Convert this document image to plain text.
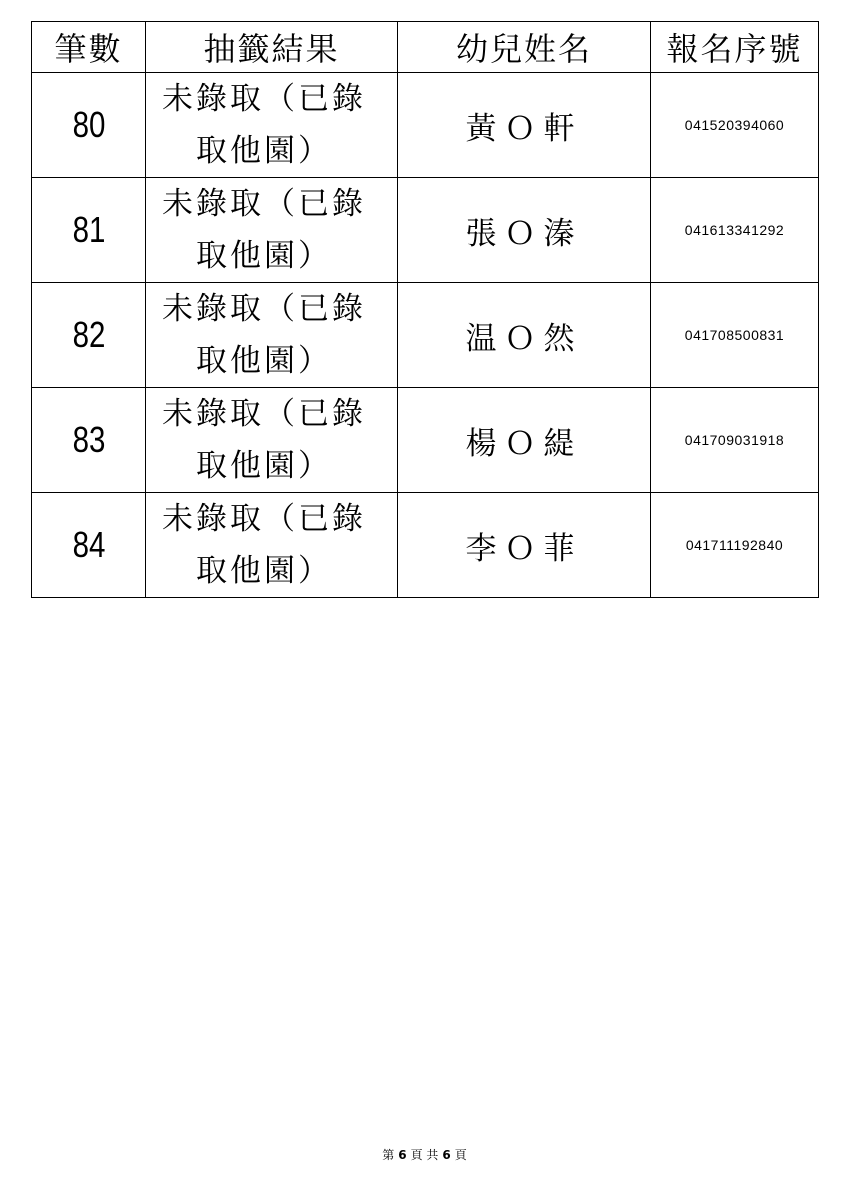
筆數	抽籤結果	幼兒姓名	報名序號
80	未錄取（已錄
取他園）	黃Ｏ軒	041520394060
81	未錄取（已錄
取他園）	張Ｏ溱	041613341292
82	未錄取（已錄
取他園）	温Ｏ然	041708500831
83	未錄取（已錄
取他園）	楊Ｏ緹	041709031918
84	未錄取（已錄
取他園）	李Ｏ菲	041711192840
第 6 頁 共 6 頁
